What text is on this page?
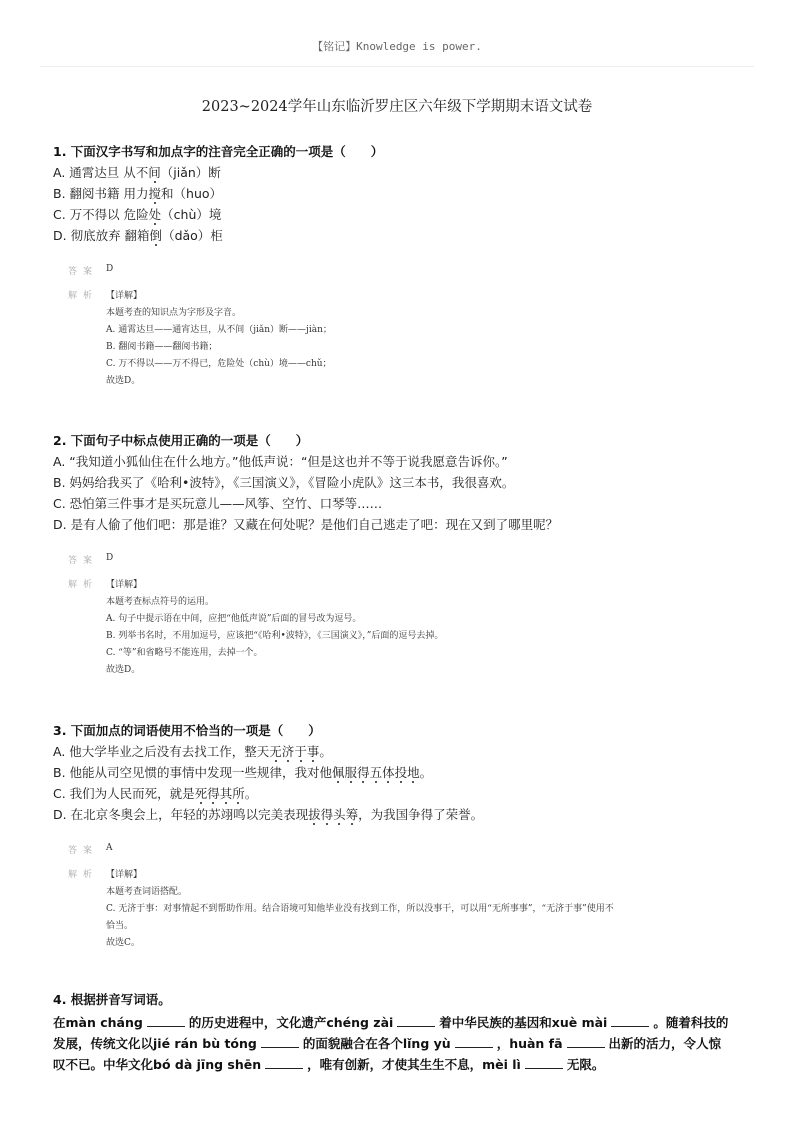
【铭记】Knowledge is power.
2023~2024学年山东临沂罗庄区六年级下学期期末语文试卷
1. 下面汉字书写和加点字的注音完全正确的一项是（　　）
A. 通霄达旦 从不间（jiǎn）断
B. 翻阅书籍 用力搅和（huo）
C. 万不得以 危险处（chù）境
D. 彻底放弃 翻箱倒（dǎo）柜
答案 D
解析 【详解】
本题考查的知识点为字形及字音。
A. 通霄达旦——通宵达旦，从不间（jiǎn）断——jiàn；
B. 翻阅书籍——翻阅书籍；
C. 万不得以——万不得已，危险处（chù）境——chǔ；
故选D。
2. 下面句子中标点使用正确的一项是（　　）
A. “我知道小狐仙住在什么地方。”他低声说：“但是这也并不等于说我愿意告诉你。”
B. 妈妈给我买了《哈利•波特》，《三国演义》，《冒险小虎队》这三本书，我很喜欢。
C. 恐怕第三件事才是买玩意儿——风筝、空竹、口琴等……
D. 是有人偷了他们吧：那是谁？又藏在何处呢？是他们自己逃走了吧：现在又到了哪里呢？
答案 D
解析 【详解】
本题考查标点符号的运用。
A. 句子中提示语在中间，应把“他低声说”后面的冒号改为逗号。
B. 列举书名时，不用加逗号，应该把“《哈利•波特》，《三国演义》，”后面的逗号去掉。
C. “等”和省略号不能连用，去掉一个。
故选D。
3. 下面加点的词语使用不恰当的一项是（　　）
A. 他大学毕业之后没有去找工作，整天无济于事。
B. 他能从司空见惯的事情中发现一些规律，我对他佩服得五体投地。
C. 我们为人民而死，就是死得其所。
D. 在北京冬奥会上，年轻的苏翊鸣以完美表现拔得头筹，为我国争得了荣誉。
答案 A
解析 【详解】
本题考查词语搭配。
C. 无济于事：对事情起不到帮助作用。结合语境可知他毕业没有找到工作，所以没事干，可以用“无所事事”，“无济于事”使用不
恰当。
故选C。
4. 根据拼音写词语。
在màn cháng	的历史进程中，文化遗产chéng zài	着中华民族的基因和xuè mài	。随着科技的
发展，传统文化以jié rán bù tóng	的面貌融合在各个lǐng yù	，huàn fā	出新的活力，令人惊
叹不已。中华文化bó dà jīng shēn	，唯有创新，才使其生生不息，mèi lì	无限。
